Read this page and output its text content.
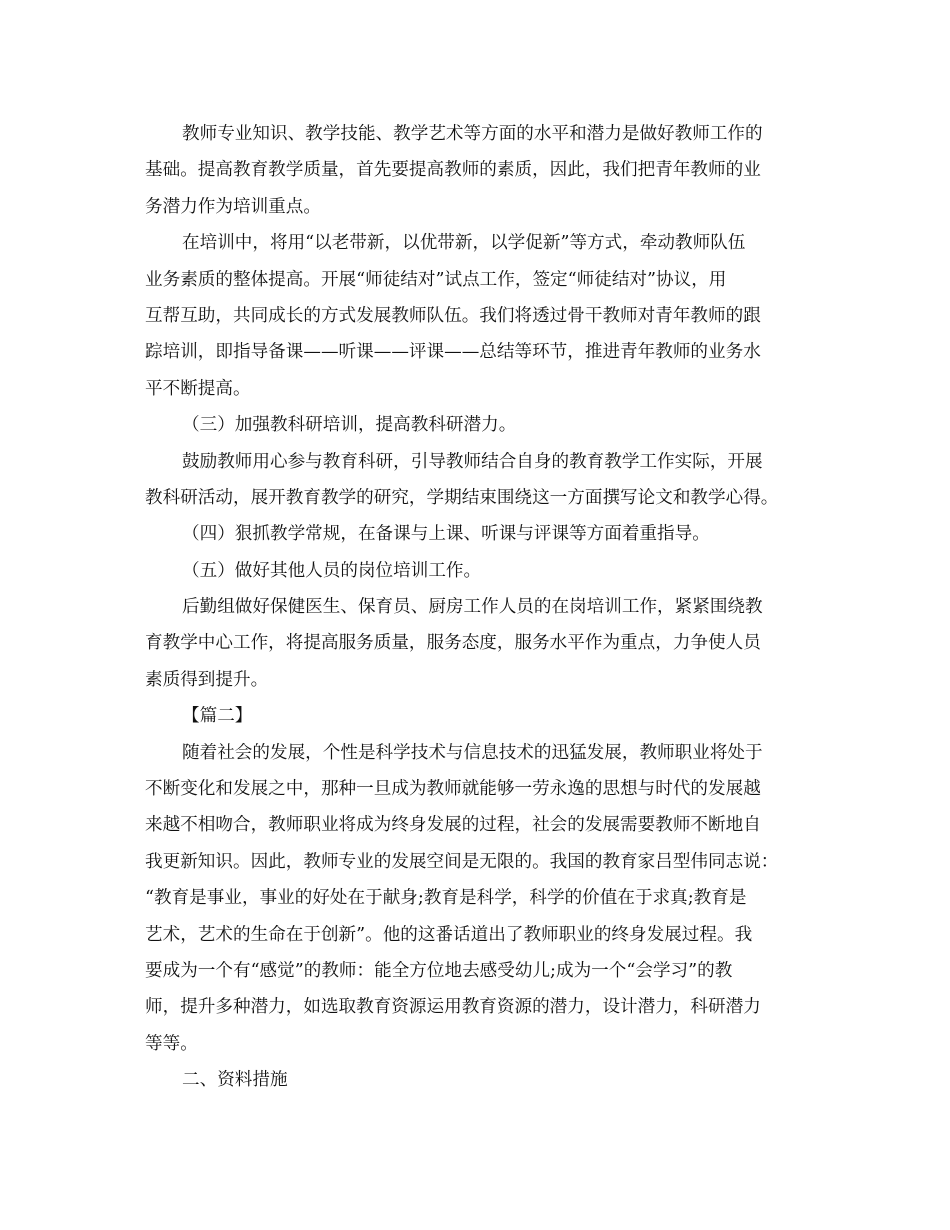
教师专业知识、教学技能、教学艺术等方面的水平和潜力是做好教师工作的
基础。提高教育教学质量，首先要提高教师的素质，因此，我们把青年教师的业
务潜力作为培训重点。
在培训中，将用“以老带新，以优带新，以学促新”等方式，牵动教师队伍
业务素质的整体提高。开展“师徒结对”试点工作，签定“师徒结对”协议，用
互帮互助，共同成长的方式发展教师队伍。我们将透过骨干教师对青年教师的跟
踪培训，即指导备课——听课——评课——总结等环节，推进青年教师的业务水
平不断提高。
（三）加强教科研培训，提高教科研潜力。
鼓励教师用心参与教育科研，引导教师结合自身的教育教学工作实际，开展
教科研活动，展开教育教学的研究，学期结束围绕这一方面撰写论文和教学心得。
（四）狠抓教学常规，在备课与上课、听课与评课等方面着重指导。
（五）做好其他人员的岗位培训工作。
后勤组做好保健医生、保育员、厨房工作人员的在岗培训工作，紧紧围绕教
育教学中心工作，将提高服务质量，服务态度，服务水平作为重点，力争使人员
素质得到提升。
【篇二】
随着社会的发展，个性是科学技术与信息技术的迅猛发展，教师职业将处于
不断变化和发展之中，那种一旦成为教师就能够一劳永逸的思想与时代的发展越
来越不相吻合，教师职业将成为终身发展的过程，社会的发展需要教师不断地自
我更新知识。因此，教师专业的发展空间是无限的。我国的教育家吕型伟同志说：
“教育是事业，事业的好处在于献身;教育是科学，科学的价值在于求真;教育是
艺术，艺术的生命在于创新”。他的这番话道出了教师职业的终身发展过程。我
要成为一个有“感觉”的教师：能全方位地去感受幼儿;成为一个“会学习”的教
师，提升多种潜力，如选取教育资源运用教育资源的潜力，设计潜力，科研潜力
等等。
二、资料措施
